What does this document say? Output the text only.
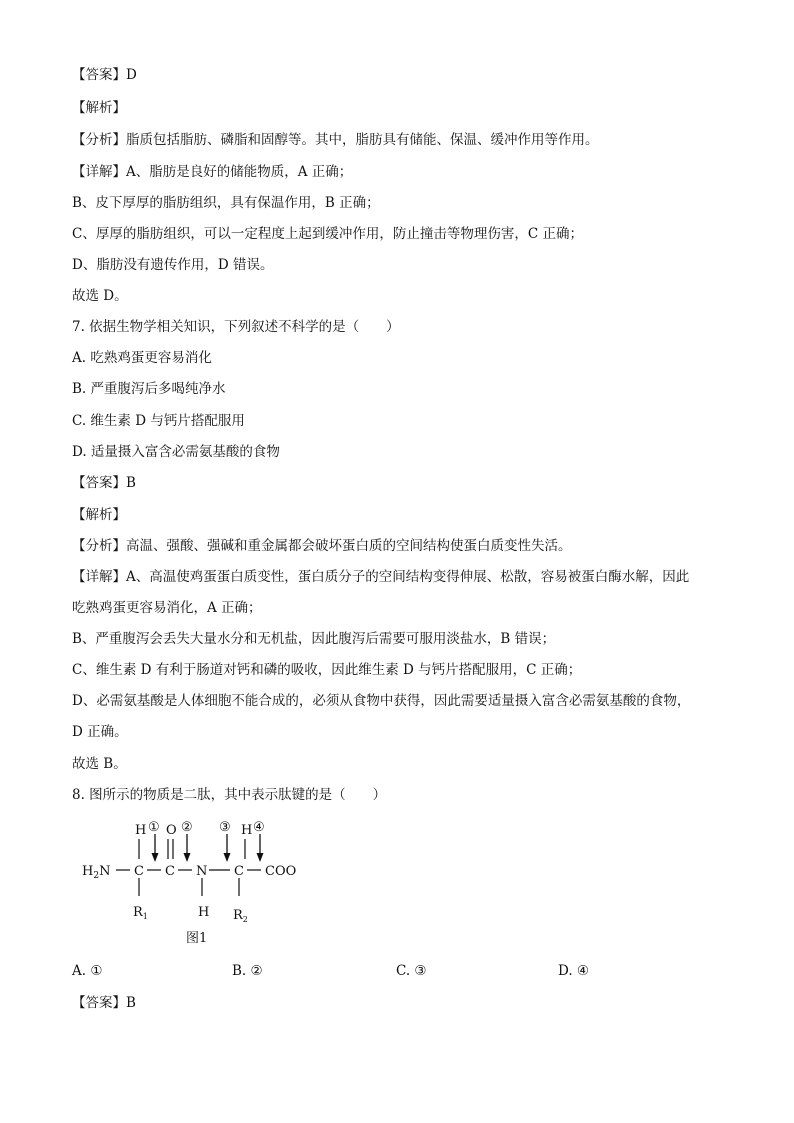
【答案】D
【解析】
【分析】脂质包括脂肪、磷脂和固醇等。其中，脂肪具有储能、保温、缓冲作用等作用。
【详解】A、脂肪是良好的储能物质，A 正确；
B、皮下厚厚的脂肪组织，具有保温作用，B 正确；
C、厚厚的脂肪组织，可以一定程度上起到缓冲作用，防止撞击等物理伤害，C 正确；
D、脂肪没有遗传作用，D 错误。
故选 D。
7. 依据生物学相关知识，下列叙述不科学的是（　　）
A. 吃熟鸡蛋更容易消化
B. 严重腹泻后多喝纯净水
C. 维生素 D 与钙片搭配服用
D. 适量摄入富含必需氨基酸的食物
【答案】B
【解析】
【分析】高温、强酸、强碱和重金属都会破坏蛋白质的空间结构使蛋白质变性失活。
【详解】A、高温使鸡蛋蛋白质变性，蛋白质分子的空间结构变得伸展、松散，容易被蛋白酶水解，因此
吃熟鸡蛋更容易消化，A 正确；
B、严重腹泻会丢失大量水分和无机盐，因此腹泻后需要可服用淡盐水，B 错误；
C、维生素 D 有利于肠道对钙和磷的吸收，因此维生素 D 与钙片搭配服用，C 正确；
D、必需氨基酸是人体细胞不能合成的，必须从食物中获得，因此需要适量摄入富含必需氨基酸的食物，
D 正确。
故选 B。
8. 图所示的物质是二肽，其中表示肽键的是（　　）
$H_2N$ C C N C COO
H O	H
$R_1$	H $R_2$
① ② ③ ④
图1
A. ①	B. ②	C. ③	D. ④
【答案】B
